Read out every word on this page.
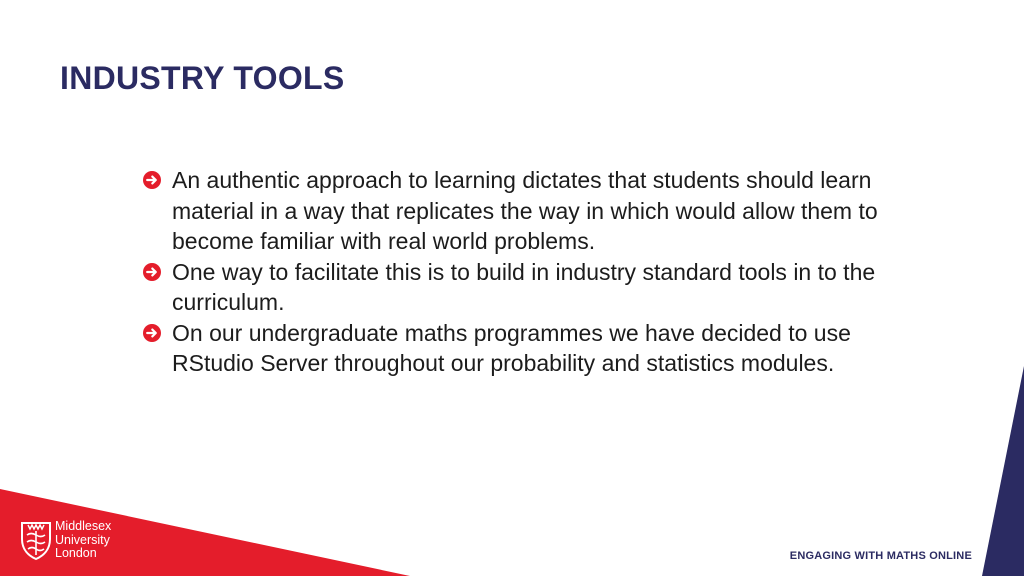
INDUSTRY TOOLS
An authentic approach to learning dictates that students should learn material in a way that replicates the way in which would allow them to become familiar with real world problems.
One way to facilitate this is to build in industry standard tools in to the curriculum.
On our undergraduate maths programmes we have decided to use RStudio Server throughout our probability and statistics modules.
Middlesex
University
London	ENGAGING WITH MATHS ONLINE
